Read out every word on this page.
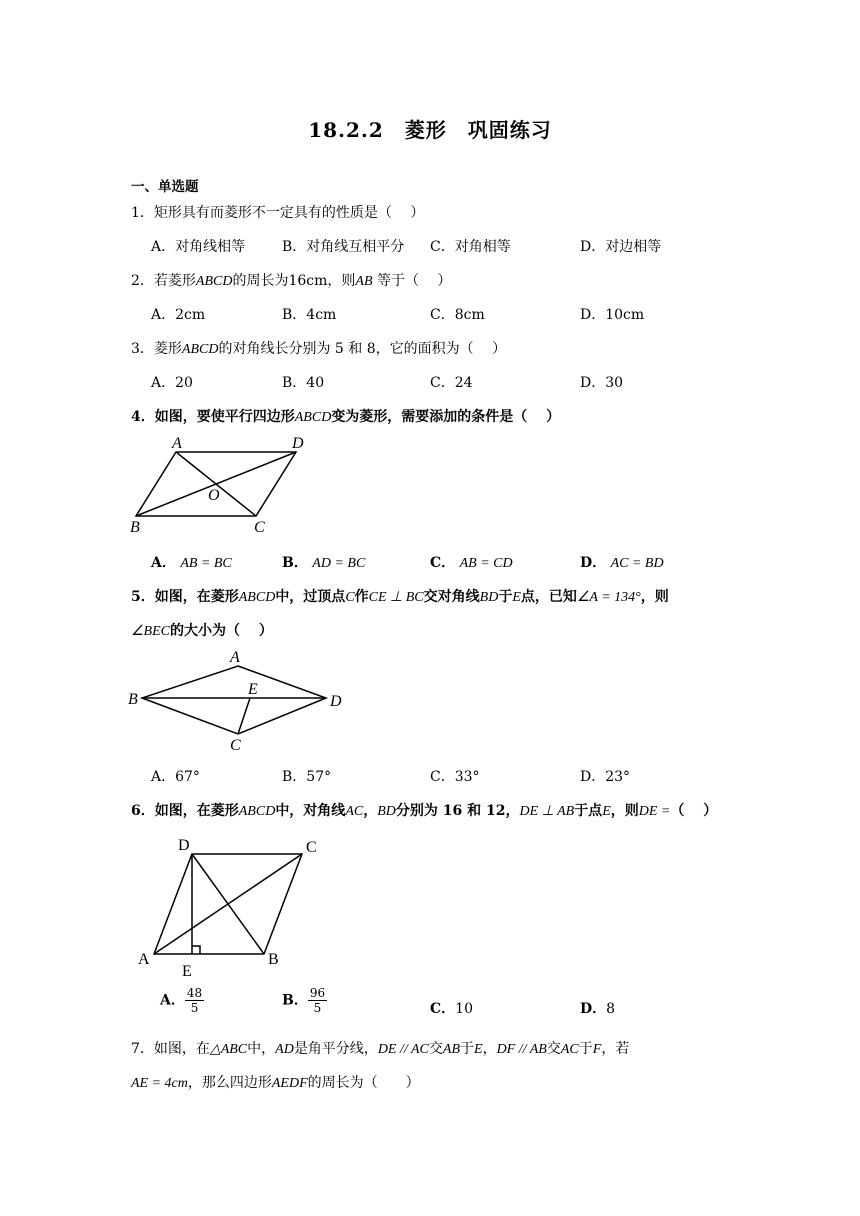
18.2.2　菱形　巩固练习
一、单选题
1．矩形具有而菱形不一定具有的性质是（　 ）
A．对角线相等	B．对角线互相平分 C．对角相等	D．对边相等
2．若菱形ABCD的周长为16cm，则AB 等于（　 ）
A．2cm	B．4cm	C．8cm	D．10cm
3．菱形ABCD的对角线长分别为 5 和 8，它的面积为（　 ）
A．20	B．40	C．24	D．30
4．如图，要使平行四边形ABCD变为菱形，需要添加的条件是（　 ）
A	D
O
B	C
A． AB = BC	B． AD = BC	C． AB = CD	D． AC = BD
5．如图，在菱形ABCD中，过顶点C作CE ⊥ BC交对角线BD于E点，已知∠A = 134°，则
∠BEC的大小为（　 ）
A
B
E
D
C
A．67°	B．57°	C．33°	D．23°
6．如图，在菱形ABCD中，对角线AC，BD分别为 16 和 12，DE ⊥ AB于点E，则DE =（　 ）
D	C
A
E
B
A． $\frac{48}{5}$	B． $\frac{96}{5}$	C．10	D．8
7．如图，在△ABC中，AD是角平分线，DE // AC交AB于E，DF // AB交AC于F，若
AE = 4cm，那么四边形AEDF的周长为（　　）
